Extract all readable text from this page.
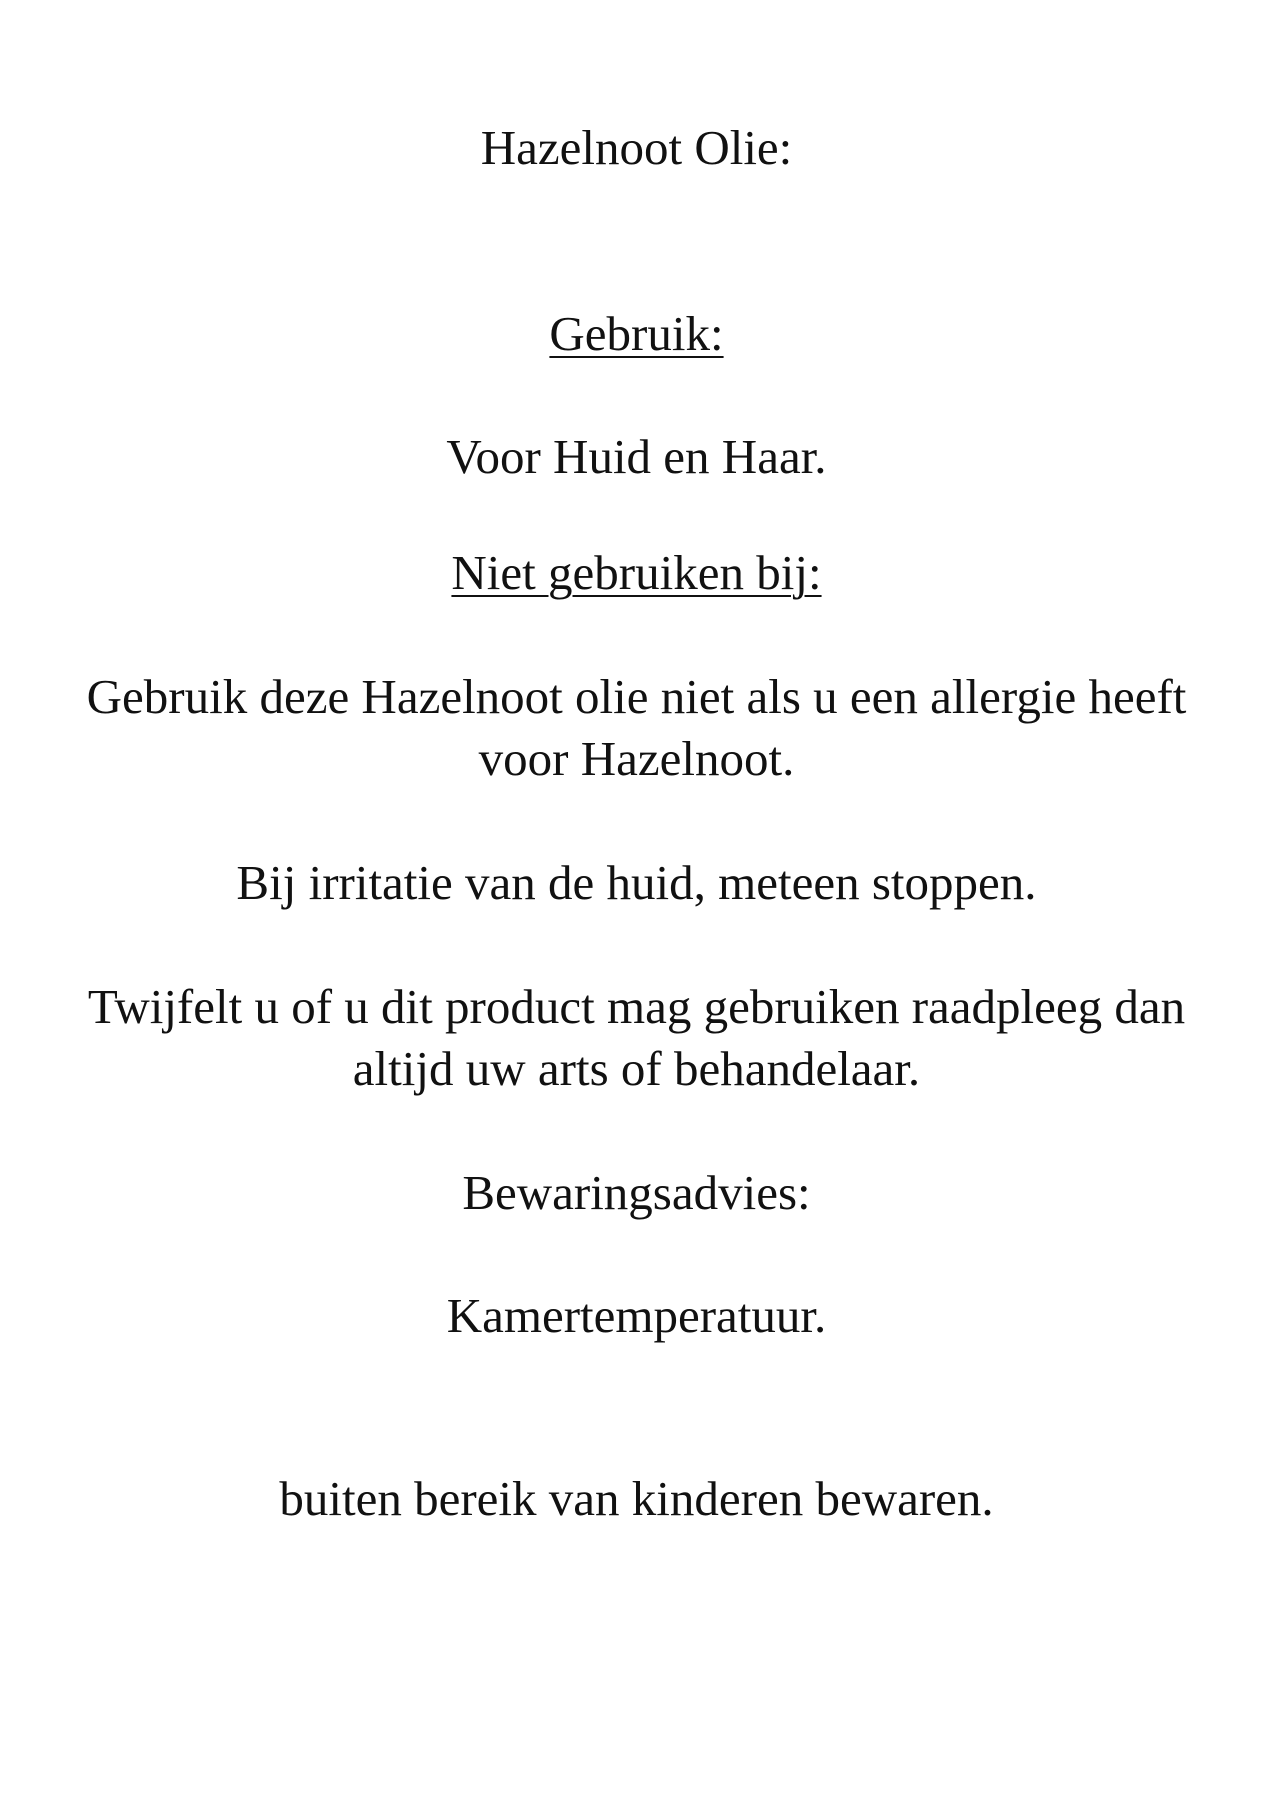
Hazelnoot Olie:
Gebruik:
Voor Huid en Haar.
Niet gebruiken bij:
Gebruik deze Hazelnoot olie niet als u een allergie heeft
voor Hazelnoot.
Bij irritatie van de huid, meteen stoppen.
Twijfelt u of u dit product mag gebruiken raadpleeg dan
altijd uw arts of behandelaar.
Bewaringsadvies:
Kamertemperatuur.
buiten bereik van kinderen bewaren.
